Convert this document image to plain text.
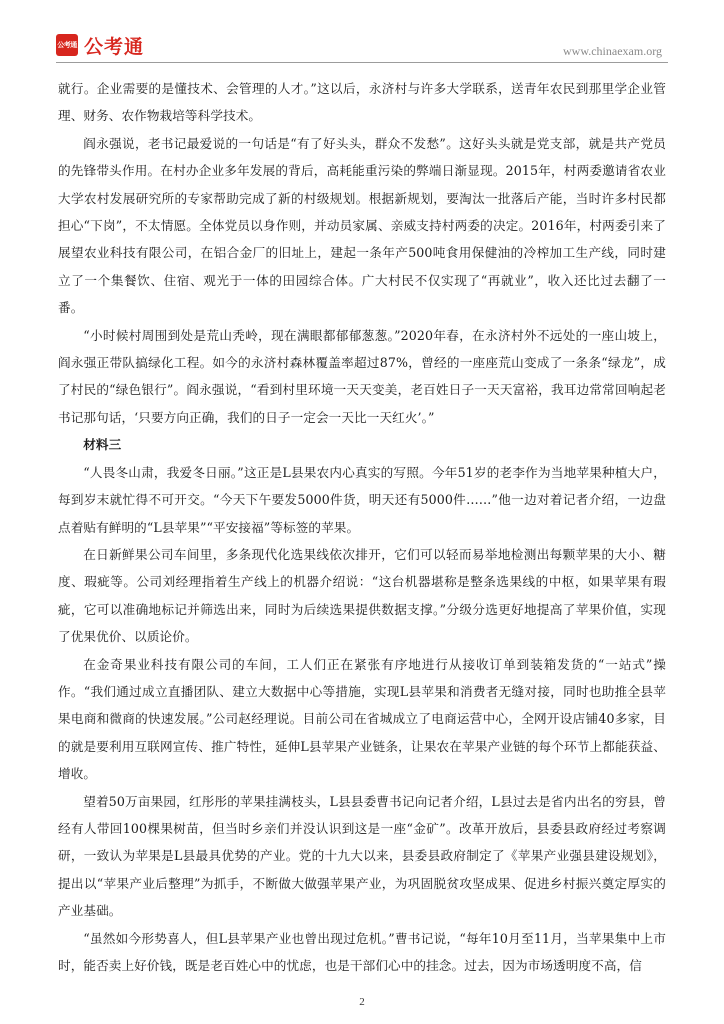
公考通 公考通	www.chinaexam.org

就行。企业需要的是懂技术、会管理的人才。”这以后，永济村与许多大学联系，送青年农民到那里学企业管理、财务、农作物栽培等科学技术。

阎永强说，老书记最爱说的一句话是“有了好头头，群众不发愁”。这好头头就是党支部，就是共产党员的先锋带头作用。在村办企业多年发展的背后，高耗能重污染的弊端日渐显现。2015年，村两委邀请省农业大学农村发展研究所的专家帮助完成了新的村级规划。根据新规划，要淘汰一批落后产能，当时许多村民都担心“下岗”，不太情愿。全体党员以身作则，并动员家属、亲威支持村两委的决定。2016年，村两委引来了展望农业科技有限公司，在铝合金厂的旧址上，建起一条年产500吨食用保健油的冷榨加工生产线，同时建立了一个集餐饮、住宿、观光于一体的田园综合体。广大村民不仅实现了“再就业”，收入还比过去翻了一番。

“小时候村周围到处是荒山秃岭，现在满眼都郁郁葱葱。”2020年春，在永济村外不远处的一座山坡上，阎永强正带队搞绿化工程。如今的永济村森林覆盖率超过87%，曾经的一座座荒山变成了一条条“绿龙”，成了村民的“绿色银行”。阎永强说，“看到村里环境一天天变美，老百姓日子一天天富裕，我耳边常常回响起老书记那句话，‘只要方向正确，我们的日子一定会一天比一天红火’。”

材料三

“人畏冬山肃，我爱冬日丽。”这正是L县果农内心真实的写照。今年51岁的老李作为当地苹果种植大户，每到岁末就忙得不可开交。“今天下午要发5000件货，明天还有5000件……”他一边对着记者介绍，一边盘点着贴有鲜明的“L县苹果”“平安接福”等标签的苹果。

在日新鲜果公司车间里，多条现代化选果线依次排开，它们可以轻而易举地检测出每颗苹果的大小、糖度、瑕疵等。公司刘经理指着生产线上的机器介绍说：“这台机器堪称是整条选果线的中枢，如果苹果有瑕疵，它可以准确地标记并筛选出来，同时为后续选果提供数据支撑。”分级分选更好地提高了苹果价值，实现了优果优价、以质论价。

在金奇果业科技有限公司的车间，工人们正在紧张有序地进行从接收订单到装箱发货的“一站式”操作。“我们通过成立直播团队、建立大数据中心等措施，实现L县苹果和消费者无缝对接，同时也助推全县苹果电商和微商的快速发展。”公司赵经理说。目前公司在省城成立了电商运营中心，全网开设店铺40多家，目的就是要利用互联网宣传、推广特性，延伸L县苹果产业链条，让果农在苹果产业链的每个环节上都能获益、增收。

望着50万亩果园，红彤彤的苹果挂满枝头，L县县委曹书记向记者介绍，L县过去是省内出名的穷县，曾经有人带回100棵果树苗，但当时乡亲们并没认识到这是一座“金矿”。改革开放后，县委县政府经过考察调研，一致认为苹果是L县最具优势的产业。党的十九大以来，县委县政府制定了《苹果产业强县建设规划》，提出以“苹果产业后整理”为抓手，不断做大做强苹果产业，为巩固脱贫攻坚成果、促进乡村振兴奠定厚实的产业基础。

“虽然如今形势喜人，但L县苹果产业也曾出现过危机。”曹书记说，“每年10月至11月，当苹果集中上市时，能否卖上好价钱，既是老百姓心中的忧虑，也是干部们心中的挂念。过去，因为市场透明度不高，信

2
